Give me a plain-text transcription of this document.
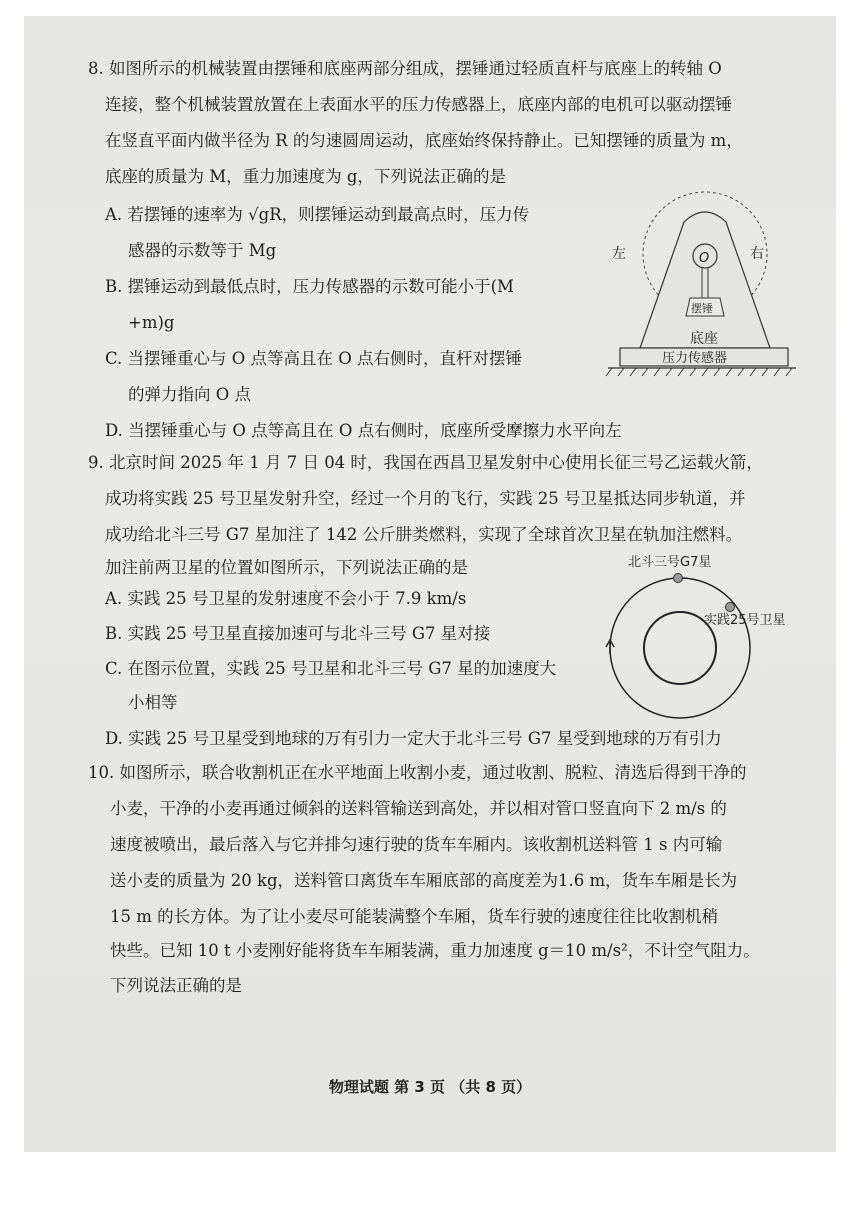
8. 如图所示的机械装置由摆锤和底座两部分组成，摆锤通过轻质直杆与底座上的转轴 O
连接，整个机械装置放置在上表面水平的压力传感器上，底座内部的电机可以驱动摆锤
在竖直平面内做半径为 R 的匀速圆周运动，底座始终保持静止。已知摆锤的质量为 m，
底座的质量为 M，重力加速度为 g，下列说法正确的是
A. 若摆锤的速率为 √gR，则摆锤运动到最高点时，压力传
感器的示数等于 Mg
B. 摆锤运动到最低点时，压力传感器的示数可能小于(M
+m)g
C. 当摆锤重心与 O 点等高且在 O 点右侧时，直杆对摆锤
的弹力指向 O 点
D. 当摆锤重心与 O 点等高且在 O 点右侧时，底座所受摩擦力水平向左
左	右
O
摆锤
底座
压力传感器
9. 北京时间 2025 年 1 月 7 日 04 时，我国在西昌卫星发射中心使用长征三号乙运载火箭，
成功将实践 25 号卫星发射升空，经过一个月的飞行，实践 25 号卫星抵达同步轨道，并
成功给北斗三号 G7 星加注了 142 公斤肼类燃料，实现了全球首次卫星在轨加注燃料。
加注前两卫星的位置如图所示，下列说法正确的是
A. 实践 25 号卫星的发射速度不会小于 7.9 km/s
B. 实践 25 号卫星直接加速可与北斗三号 G7 星对接
C. 在图示位置，实践 25 号卫星和北斗三号 G7 星的加速度大
小相等
D. 实践 25 号卫星受到地球的万有引力一定大于北斗三号 G7 星受到地球的万有引力
北斗三号G7星
实践25号卫星
10. 如图所示，联合收割机正在水平地面上收割小麦，通过收割、脱粒、清选后得到干净的
小麦，干净的小麦再通过倾斜的送料管输送到高处，并以相对管口竖直向下 2 m/s 的
速度被喷出，最后落入与它并排匀速行驶的货车车厢内。该收割机送料管 1 s 内可输
送小麦的质量为 20 kg，送料管口离货车车厢底部的高度差为1.6 m，货车车厢是长为
15 m 的长方体。为了让小麦尽可能装满整个车厢，货车行驶的速度往往比收割机稍
快些。已知 10 t 小麦刚好能将货车车厢装满，重力加速度 g＝10 m/s²，不计空气阻力。
下列说法正确的是
物理试题 第 3 页 （共 8 页）
